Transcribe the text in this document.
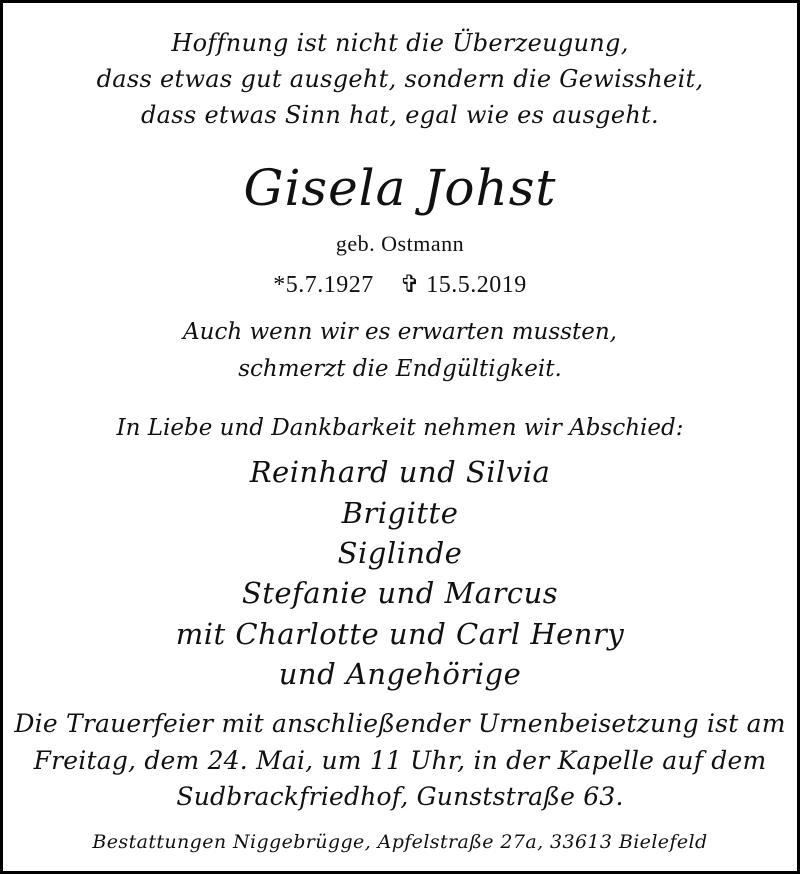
Hoffnung ist nicht die Überzeugung,
dass etwas gut ausgeht, sondern die Gewissheit,
dass etwas Sinn hat, egal wie es ausgeht.
Gisela Johst
geb. Ostmann
*5.7.1927 ✞ 15.5.2019
Auch wenn wir es erwarten mussten,
schmerzt die Endgültigkeit.
In Liebe und Dankbarkeit nehmen wir Abschied:
Reinhard und Silvia
Brigitte
Siglinde
Stefanie und Marcus
mit Charlotte und Carl Henry
und Angehörige
Die Trauerfeier mit anschließender Urnenbeisetzung ist am
Freitag, dem 24. Mai, um 11 Uhr, in der Kapelle auf dem
Sudbrackfriedhof, Gunststraße 63.
Bestattungen Niggebrügge, Apfelstraße 27a, 33613 Bielefeld
